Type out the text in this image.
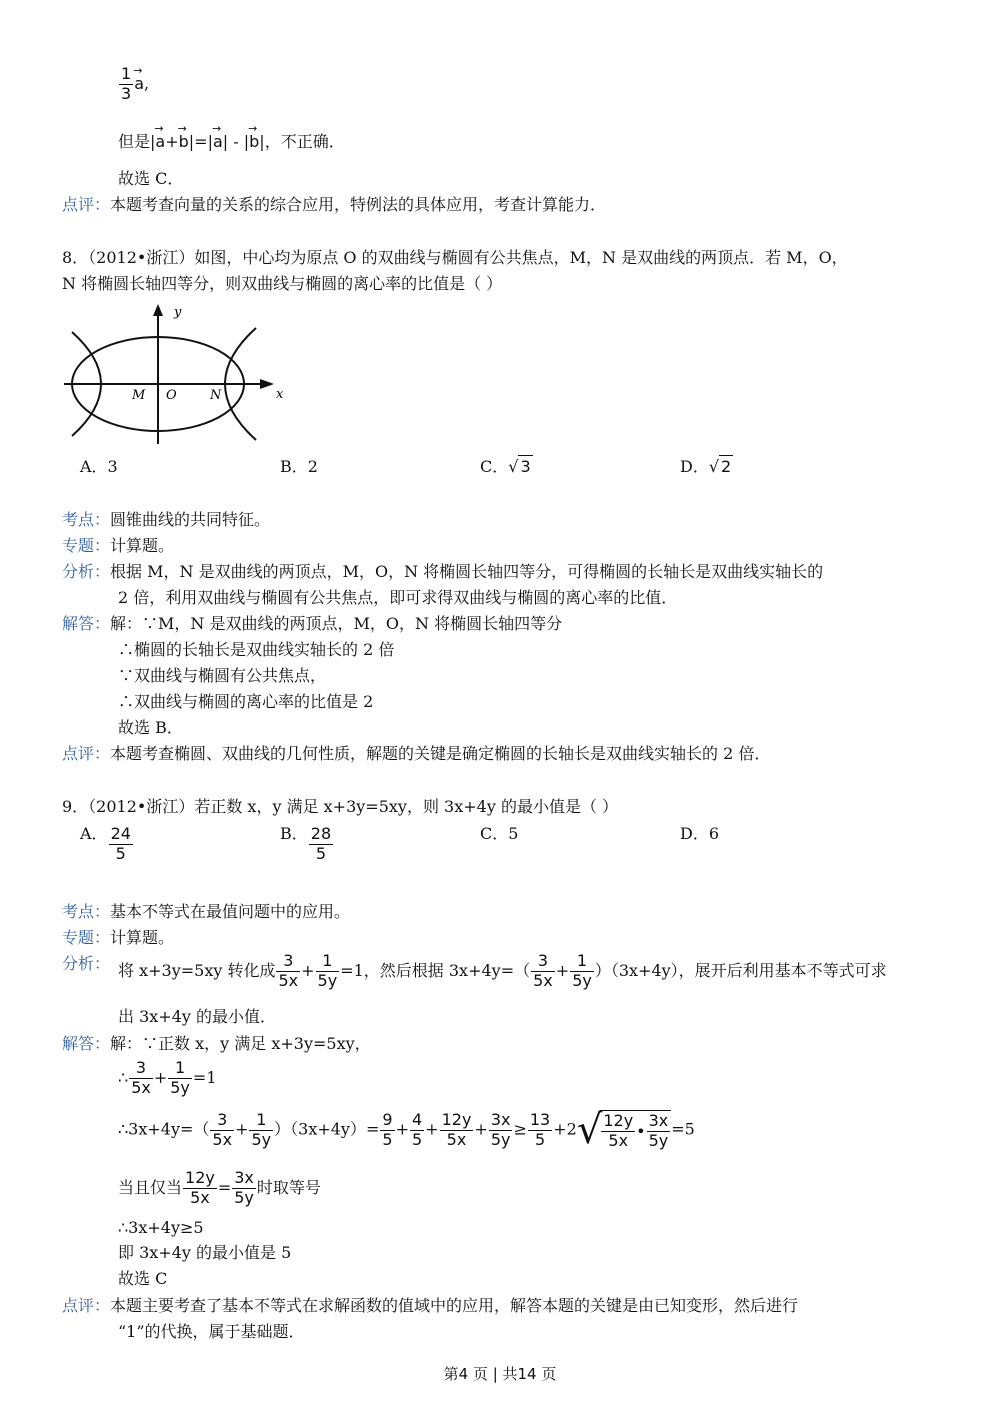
$\frac{1}{3}$
→ a,
但是|→ a+→ b|=|→ a| - |→ b|，不正确．
故选 C．
点评：本题考查向量的关系的综合应用，特例法的具体应用，考查计算能力．
8．（2012•浙江）如图，中心均为原点 O 的双曲线与椭圆有公共焦点，M，N 是双曲线的两顶点．若 M，O，
N 将椭圆长轴四等分，则双曲线与椭圆的离心率的比值是（ ）
y
x
M O	N
A．3	B．2	C．√ 3	D．√ 2
考点：圆锥曲线的共同特征。
专题：计算题。
分析：根据 M，N 是双曲线的两顶点，M，O，N 将椭圆长轴四等分，可得椭圆的长轴长是双曲线实轴长的
2 倍，利用双曲线与椭圆有公共焦点，即可求得双曲线与椭圆的离心率的比值．
解答：解：∵M，N 是双曲线的两顶点，M，O，N 将椭圆长轴四等分
∴椭圆的长轴长是双曲线实轴长的 2 倍
∵双曲线与椭圆有公共焦点，
∴双曲线与椭圆的离心率的比值是 2
故选 B．
点评：本题考查椭圆、双曲线的几何性质，解题的关键是确定椭圆的长轴长是双曲线实轴长的 2 倍．
9．（2012•浙江）若正数 x，y 满足 x+3y=5xy，则 3x+4y 的最小值是（ ）
A． $\frac{24}{5}$	B． $\frac{28}{5}$	C．5	D．6
考点：基本不等式在最值问题中的应用。
专题：计算题。
分析： 将 x+3y=5xy 转化成 $\frac{3}{5x} + \frac{1}{5y} =1$，然后根据 $3x+4y=( \frac{3}{5x} + \frac{1}{5y} )(3x+4y)$，展开后利用基本不等式可求
出 3x+4y 的最小值．
解答：解：∵正数 x，y 满足 x+3y=5xy，
∴ $\frac{3}{5x} + \frac{1}{5y} =1$
∴3x+4y=（ $\frac{3}{5x} + \frac{1}{5y} )(3x+4y)= \frac{9}{5} + \frac{4}{5} + \frac{12y}{5x} + \frac{3x}{5y} \ge \frac{13}{5} +2$ √ $\frac{12y}{5x}$ • $\frac{3x}{5y} =5$
当且仅当 $\frac{12y}{5x} = \frac{3x}{5y}$ 时取等号
∴3x+4y≥5
即 3x+4y 的最小值是 5
故选 C
点评：本题主要考查了基本不等式在求解函数的值域中的应用，解答本题的关键是由已知变形，然后进行
“1”的代换，属于基础题．
第4 页 | 共14 页
